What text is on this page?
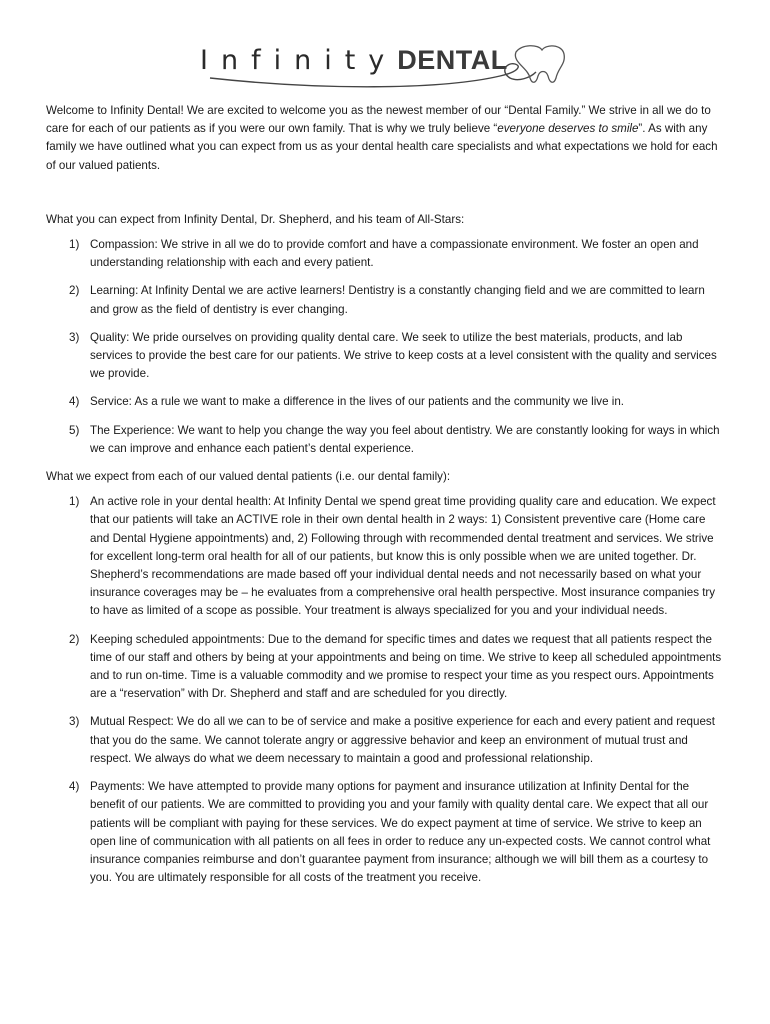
InfinityDENTAL

Welcome to Infinity Dental! We are excited to welcome you as the newest member of our “Dental Family.” We strive in all we do to care for each of our patients as if you were our own family. That is why we truly believe “everyone deserves to smile”. As with any family we have outlined what you can expect from us as your dental health care specialists and what expectations we hold for each of our valued patients.

What you can expect from Infinity Dental, Dr. Shepherd, and his team of All-Stars:

1) Compassion: We strive in all we do to provide comfort and have a compassionate environment. We foster an open and understanding relationship with each and every patient.
2) Learning: At Infinity Dental we are active learners! Dentistry is a constantly changing field and we are committed to learn and grow as the field of dentistry is ever changing.
3) Quality: We pride ourselves on providing quality dental care. We seek to utilize the best materials, products, and lab services to provide the best care for our patients. We strive to keep costs at a level consistent with the quality and services we provide.
4) Service: As a rule we want to make a difference in the lives of our patients and the community we live in.
5) The Experience: We want to help you change the way you feel about dentistry. We are constantly looking for ways in which we can improve and enhance each patient’s dental experience.

What we expect from each of our valued dental patients (i.e. our dental family):

1) An active role in your dental health: At Infinity Dental we spend great time providing quality care and education. We expect that our patients will take an ACTIVE role in their own dental health in 2 ways: 1) Consistent preventive care (Home care and Dental Hygiene appointments) and, 2) Following through with recommended dental treatment and services. We strive for excellent long-term oral health for all of our patients, but know this is only possible when we are united together. Dr. Shepherd’s recommendations are made based off your individual dental needs and not necessarily based on what your insurance coverages may be – he evaluates from a comprehensive oral health perspective. Most insurance companies try to have as limited of a scope as possible. Your treatment is always specialized for you and your individual needs.
2) Keeping scheduled appointments: Due to the demand for specific times and dates we request that all patients respect the time of our staff and others by being at your appointments and being on time. We strive to keep all scheduled appointments and to run on-time. Time is a valuable commodity and we promise to respect your time as you respect ours. Appointments are a “reservation” with Dr. Shepherd and staff and are scheduled for you directly.
3) Mutual Respect: We do all we can to be of service and make a positive experience for each and every patient and request that you do the same. We cannot tolerate angry or aggressive behavior and keep an environment of mutual trust and respect. We always do what we deem necessary to maintain a good and professional relationship.
4) Payments: We have attempted to provide many options for payment and insurance utilization at Infinity Dental for the benefit of our patients. We are committed to providing you and your family with quality dental care. We expect that all our patients will be compliant with paying for these services. We do expect payment at time of service. We strive to keep an open line of communication with all patients on all fees in order to reduce any un-expected costs. We cannot control what insurance companies reimburse and don’t guarantee payment from insurance; although we will bill them as a courtesy to you. You are ultimately responsible for all costs of the treatment you receive.
